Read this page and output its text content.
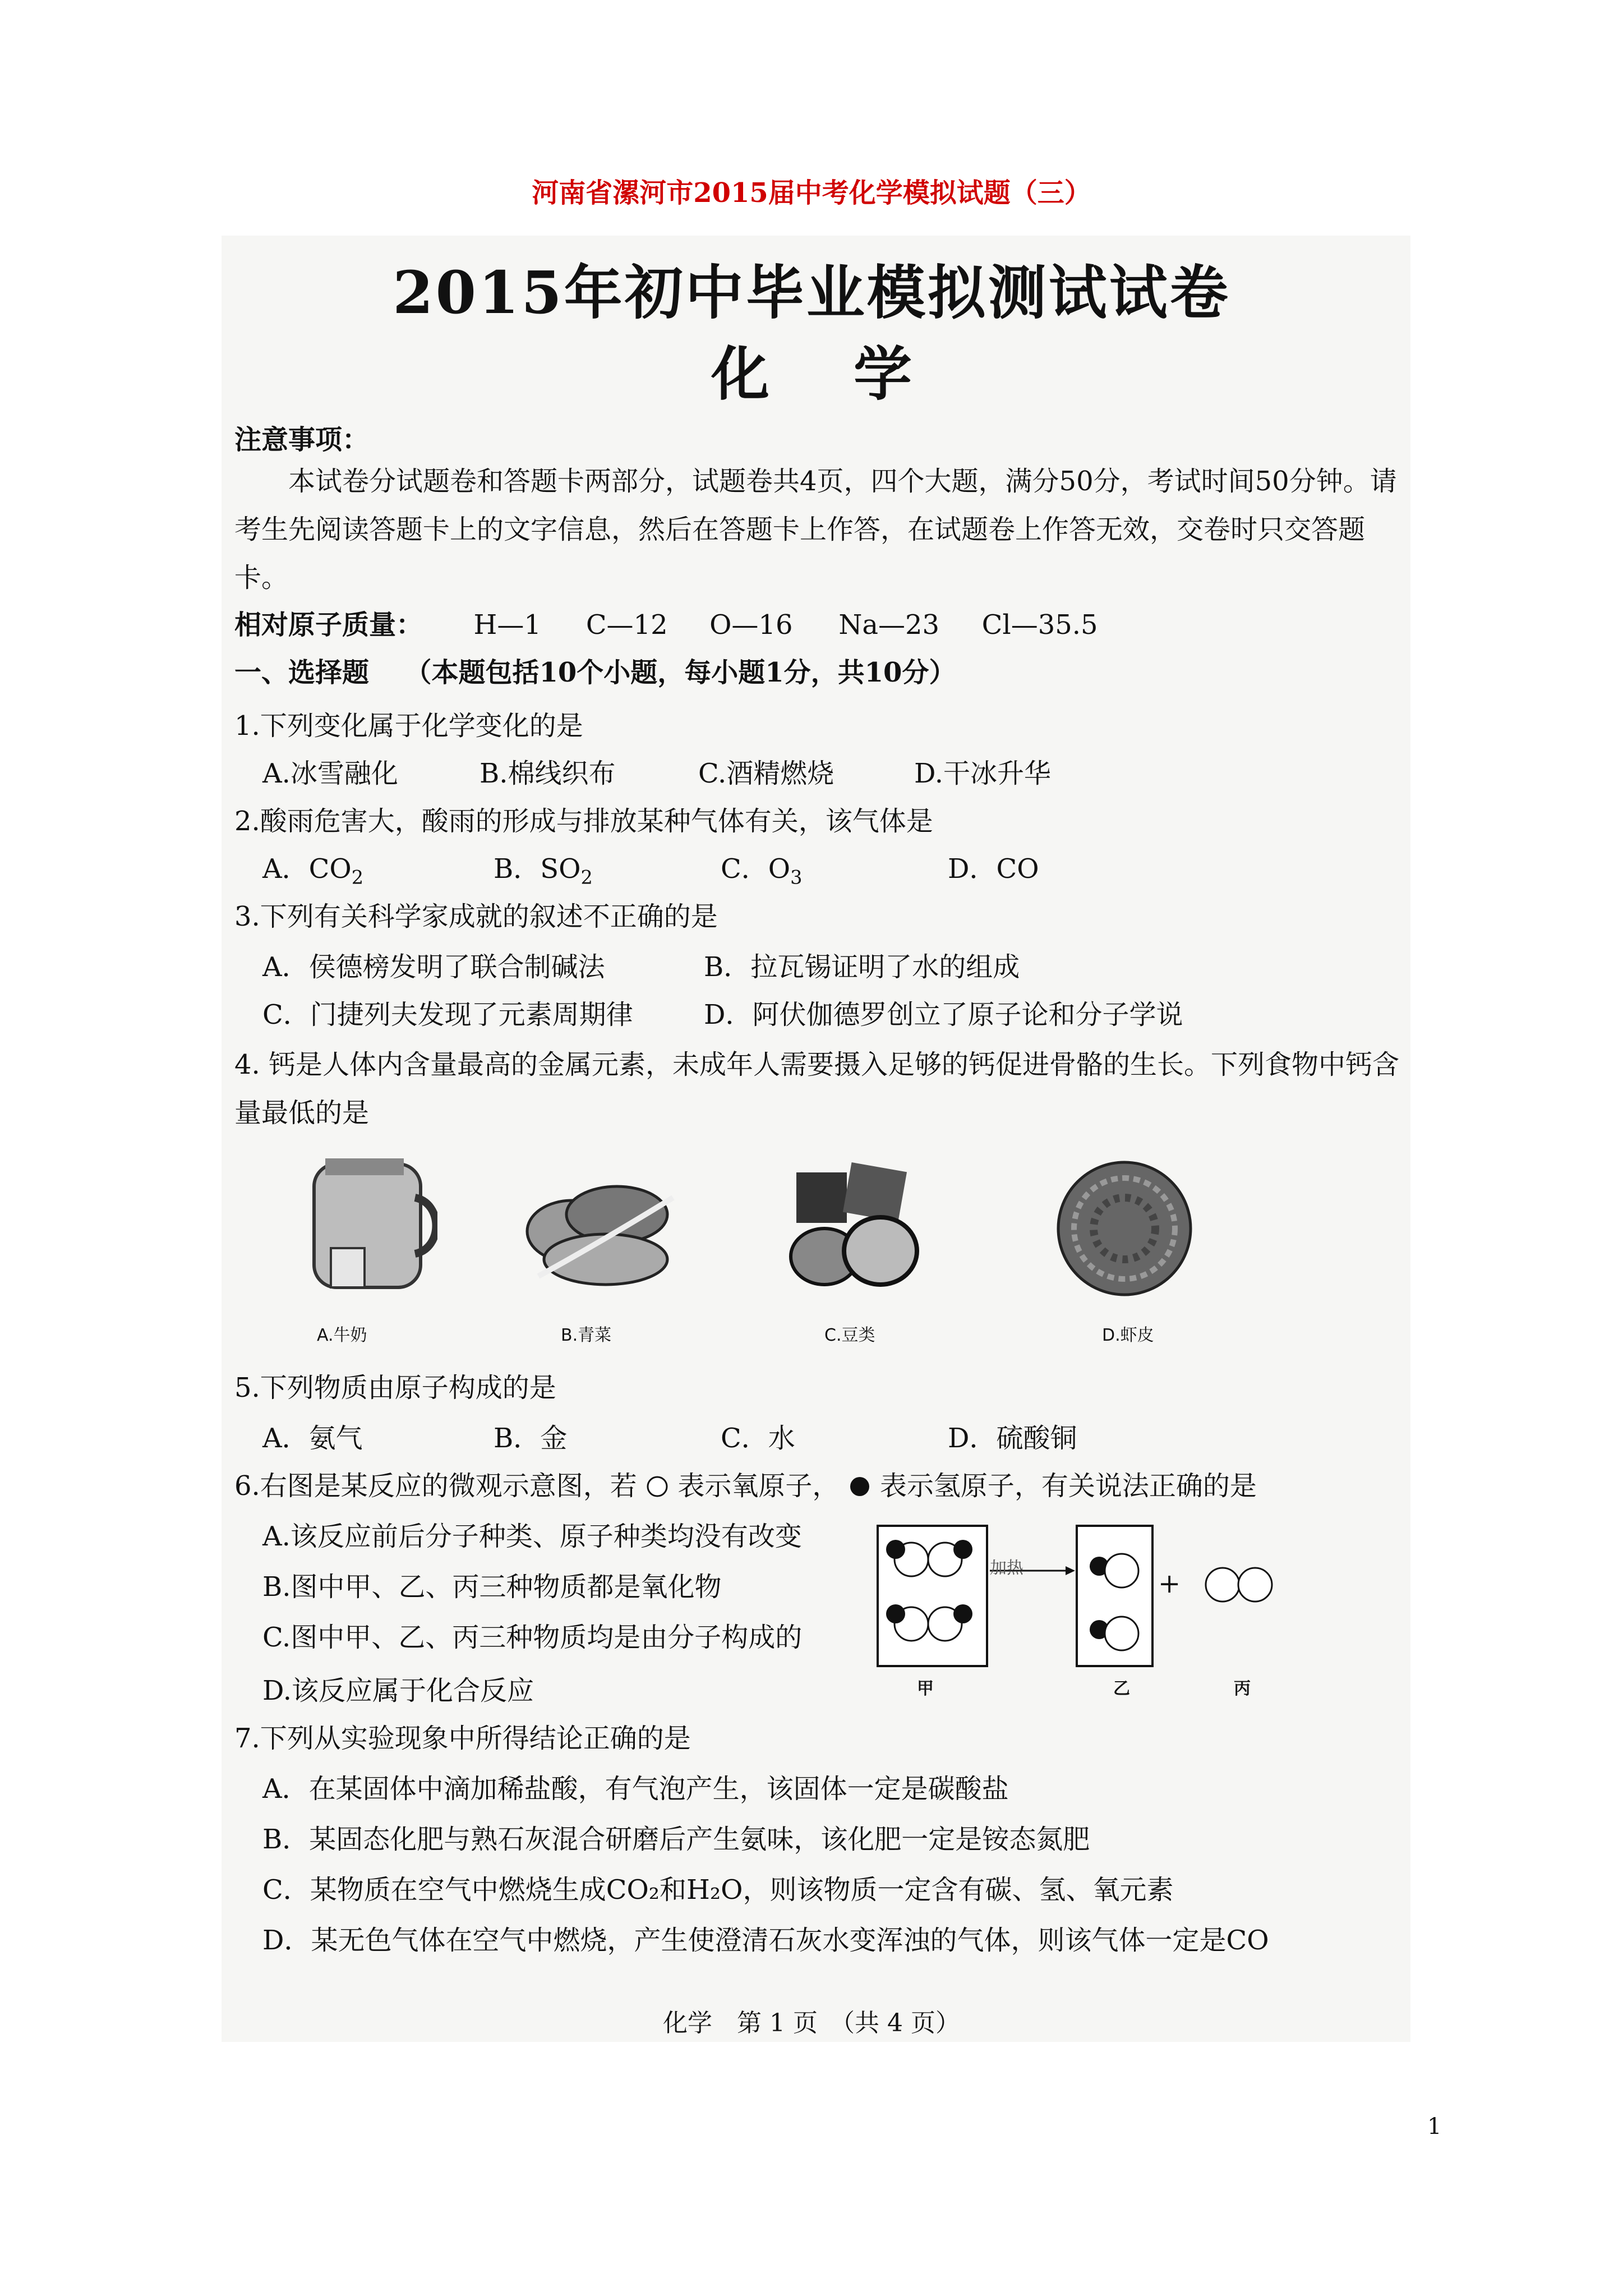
河南省漯河市2015届中考化学模拟试题（三）
2015年初中毕业模拟测试试卷
化学
注意事项：
本试卷分试题卷和答题卡两部分，试题卷共4页，四个大题，满分50分，考试时间50分钟。请考生先阅读答题卡上的文字信息，然后在答题卡上作答，在试题卷上作答无效，交卷时只交答题卡。
相对原子质量： H—1 C—12 O—16 Na—23 Cl—35.5
一、选择题 （本题包括10个小题，每小题1分，共10分）
1.下列变化属于化学变化的是
A.冰雪融化	B.棉线织布	C.酒精燃烧	D.干冰升华
2.酸雨危害大，酸雨的形成与排放某种气体有关，该气体是
A．$CO_2$	B．$SO_2$	C．$O_3$	D．CO
3.下列有关科学家成就的叙述不正确的是
A．侯德榜发明了联合制碱法	B．拉瓦锡证明了水的组成
C．门捷列夫发现了元素周期律	D．阿伏伽德罗创立了原子论和分子学说
4. 钙是人体内含量最高的金属元素，未成年人需要摄入足够的钙促进骨骼的生长。下列食物中钙含量最低的是
A.牛奶	B.青菜	C.豆类	D.虾皮
5.下列物质由原子构成的是
A．氨气	B．金	C．水	D．硫酸铜
6.右图是某反应的微观示意图，若 表示氧原子， 表示氢原子，有关说法正确的是
A.该反应前后分子种类、原子种类均没有改变
B.图中甲、乙、丙三种物质都是氧化物
C.图中甲、乙、丙三种物质均是由分子构成的
D.该反应属于化合反应
加热	+
甲	乙	丙
7.下列从实验现象中所得结论正确的是
A．在某固体中滴加稀盐酸，有气泡产生，该固体一定是碳酸盐
B．某固态化肥与熟石灰混合研磨后产生氨味，该化肥一定是铵态氮肥
C．某物质在空气中燃烧生成CO₂和H₂O，则该物质一定含有碳、氢、氧元素
D．某无色气体在空气中燃烧，产生使澄清石灰水变浑浊的气体，则该气体一定是CO
化学　第 1 页　（共 4 页）
1
